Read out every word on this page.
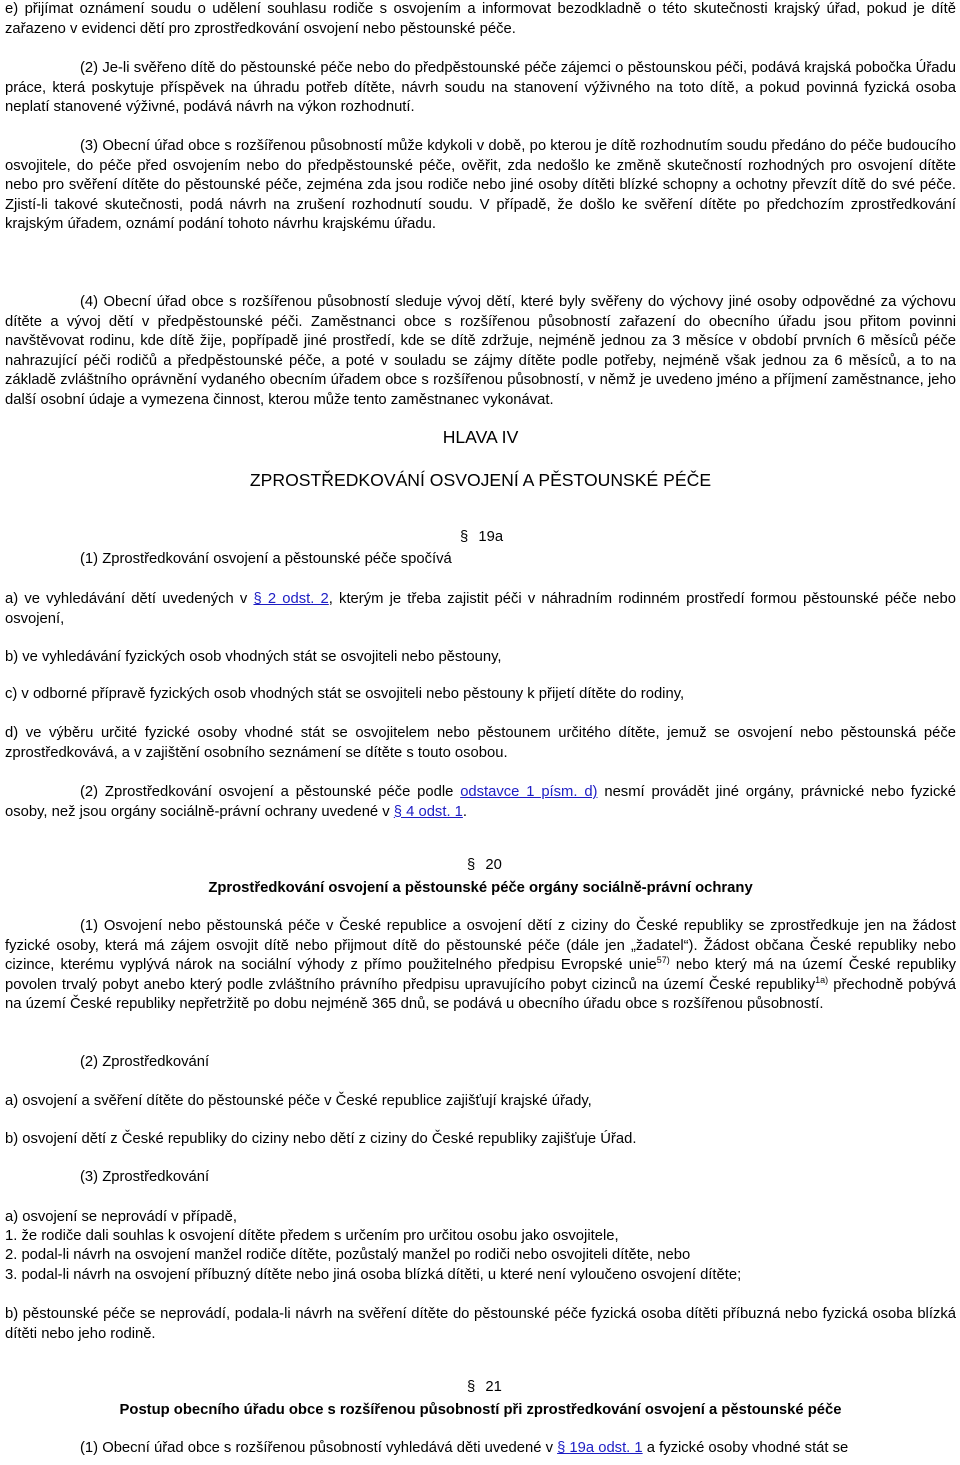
e) přijímat oznámení soudu o udělení souhlasu rodiče s osvojením a informovat bezodkladně o této skutečnosti krajský úřad, pokud je dítě zařazeno v evidenci dětí pro zprostředkování osvojení nebo pěstounské péče.

(2) Je-li svěřeno dítě do pěstounské péče nebo do předpěstounské péče zájemci o pěstounskou péči, podává krajská pobočka Úřadu práce, která poskytuje příspěvek na úhradu potřeb dítěte, návrh soudu na stanovení výživného na toto dítě, a pokud povinná fyzická osoba neplatí stanovené výživné, podává návrh na výkon rozhodnutí.

(3) Obecní úřad obce s rozšířenou působností může kdykoli v době, po kterou je dítě rozhodnutím soudu předáno do péče budoucího osvojitele, do péče před osvojením nebo do předpěstounské péče, ověřit, zda nedošlo ke změně skutečností rozhodných pro osvojení dítěte nebo pro svěření dítěte do pěstounské péče, zejména zda jsou rodiče nebo jiné osoby dítěti blízké schopny a ochotny převzít dítě do své péče. Zjistí-li takové skutečnosti, podá návrh na zrušení rozhodnutí soudu. V případě, že došlo ke svěření dítěte po předchozím zprostředkování krajským úřadem, oznámí podání tohoto návrhu krajskému úřadu.

(4) Obecní úřad obce s rozšířenou působností sleduje vývoj dětí, které byly svěřeny do výchovy jiné osoby odpovědné za výchovu dítěte a vývoj dětí v předpěstounské péči. Zaměstnanci obce s rozšířenou působností zařazení do obecního úřadu jsou přitom povinni navštěvovat rodinu, kde dítě žije, popřípadě jiné prostředí, kde se dítě zdržuje, nejméně jednou za 3 měsíce v období prvních 6 měsíců péče nahrazující péči rodičů a předpěstounské péče, a poté v souladu se zájmy dítěte podle potřeby, nejméně však jednou za 6 měsíců, a to na základě zvláštního oprávnění vydaného obecním úřadem obce s rozšířenou působností, v němž je uvedeno jméno a příjmení zaměstnance, jeho další osobní údaje a vymezena činnost, kterou může tento zaměstnanec vykonávat.

HLAVA IV

ZPROSTŘEDKOVÁNÍ OSVOJENÍ A PĚSTOUNSKÉ PÉČE

§ 19a

(1) Zprostředkování osvojení a pěstounské péče spočívá

a) ve vyhledávání dětí uvedených v § 2 odst. 2, kterým je třeba zajistit péči v náhradním rodinném prostředí formou pěstounské péče nebo osvojení,

b) ve vyhledávání fyzických osob vhodných stát se osvojiteli nebo pěstouny,

c) v odborné přípravě fyzických osob vhodných stát se osvojiteli nebo pěstouny k přijetí dítěte do rodiny,

d) ve výběru určité fyzické osoby vhodné stát se osvojitelem nebo pěstounem určitého dítěte, jemuž se osvojení nebo pěstounská péče zprostředkovává, a v zajištění osobního seznámení se dítěte s touto osobou.

(2) Zprostředkování osvojení a pěstounské péče podle odstavce 1 písm. d) nesmí provádět jiné orgány, právnické nebo fyzické osoby, než jsou orgány sociálně-právní ochrany uvedené v § 4 odst. 1.

§ 20

Zprostředkování osvojení a pěstounské péče orgány sociálně-právní ochrany

(1) Osvojení nebo pěstounská péče v České republice a osvojení dětí z ciziny do České republiky se zprostředkuje jen na žádost fyzické osoby, která má zájem osvojit dítě nebo přijmout dítě do pěstounské péče (dále jen „žadatel“). Žádost občana České republiky nebo cizince, kterému vyplývá nárok na sociální výhody z přímo použitelného předpisu Evropské unie$^{57)}$ nebo který má na území České republiky povolen trvalý pobyt anebo který podle zvláštního právního předpisu upravujícího pobyt cizinců na území České republiky$^{1a)}$ přechodně pobývá na území České republiky nepřetržitě po dobu nejméně 365 dnů, se podává u obecního úřadu obce s rozšířenou působností.

(2) Zprostředkování

a) osvojení a svěření dítěte do pěstounské péče v České republice zajišťují krajské úřady,

b) osvojení dětí z České republiky do ciziny nebo dětí z ciziny do České republiky zajišťuje Úřad.

(3) Zprostředkování

a) osvojení se neprovádí v případě,

1. že rodiče dali souhlas k osvojení dítěte předem s určením pro určitou osobu jako osvojitele,

2. podal-li návrh na osvojení manžel rodiče dítěte, pozůstalý manžel po rodiči nebo osvojiteli dítěte, nebo

3. podal-li návrh na osvojení příbuzný dítěte nebo jiná osoba blízká dítěti, u které není vyloučeno osvojení dítěte;

b) pěstounské péče se neprovádí, podala-li návrh na svěření dítěte do pěstounské péče fyzická osoba dítěti příbuzná nebo fyzická osoba blízká dítěti nebo jeho rodině.

§ 21

Postup obecního úřadu obce s rozšířenou působností při zprostředkování osvojení a pěstounské péče

(1) Obecní úřad obce s rozšířenou působností vyhledává děti uvedené v § 19a odst. 1 a fyzické osoby vhodné stát se
